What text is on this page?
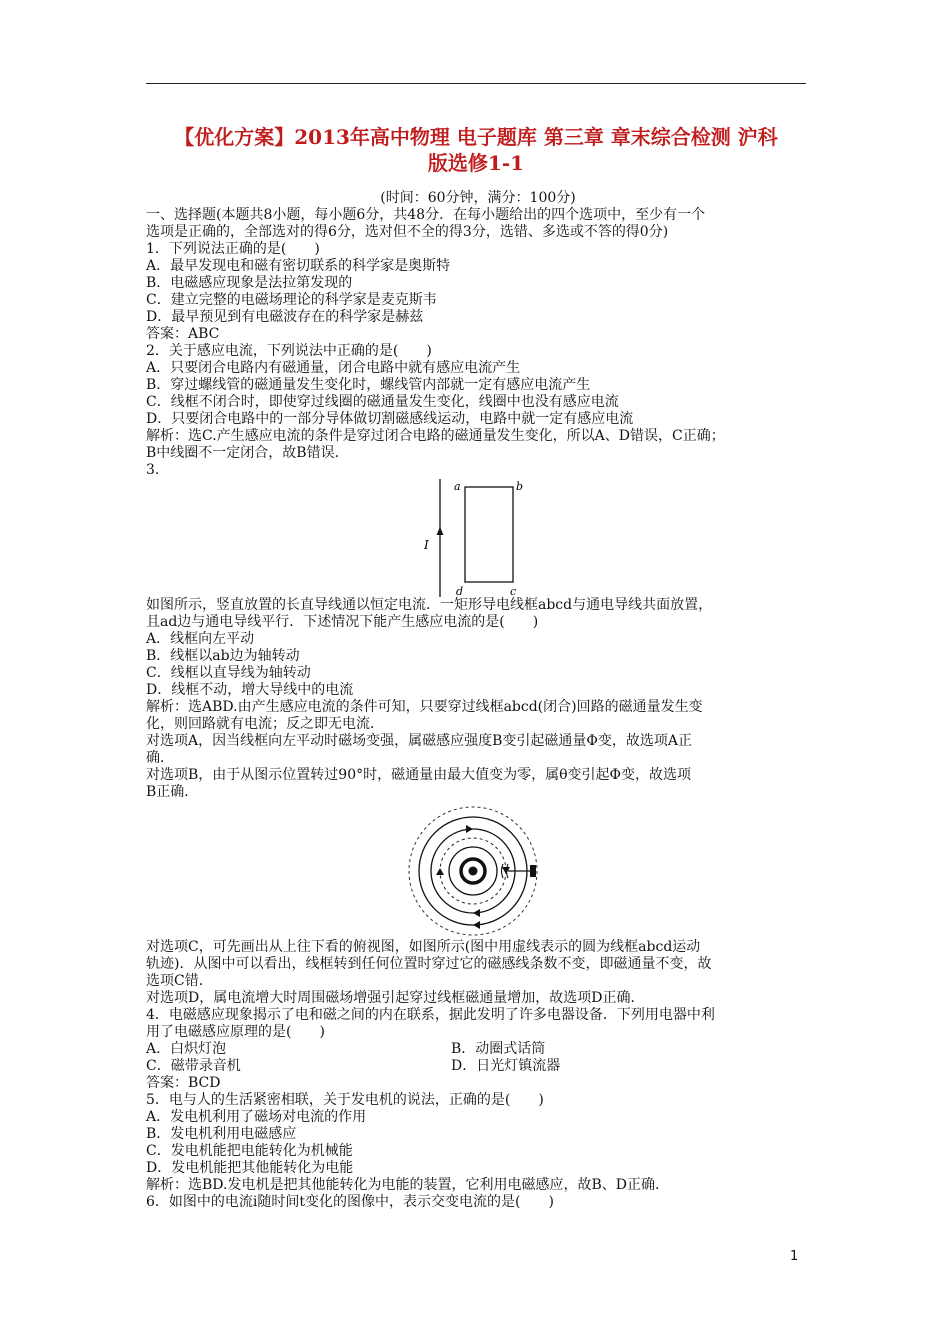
【优化方案】2013年高中物理 电子题库 第三章 章末综合检测 沪科
版选修1-1
(时间：60分钟，满分：100分)
一、选择题(本题共8小题，每小题6分，共48分．在每小题给出的四个选项中，至少有一个
选项是正确的，全部选对的得6分，选对但不全的得3分，选错、多选或不答的得0分)
1．下列说法正确的是(　　)
A．最早发现电和磁有密切联系的科学家是奥斯特
B．电磁感应现象是法拉第发现的
C．建立完整的电磁场理论的科学家是麦克斯韦
D．最早预见到有电磁波存在的科学家是赫兹
答案：ABC
2．关于感应电流，下列说法中正确的是(　　)
A．只要闭合电路内有磁通量，闭合电路中就有感应电流产生
B．穿过螺线管的磁通量发生变化时，螺线管内部就一定有感应电流产生
C．线框不闭合时，即使穿过线圈的磁通量发生变化，线圈中也没有感应电流
D．只要闭合电路中的一部分导体做切割磁感线运动，电路中就一定有感应电流
解析：选C.产生感应电流的条件是穿过闭合电路的磁通量发生变化，所以A、D错误，C正确；
B中线圈不一定闭合，故B错误．
3.
I
a	b
c
d
如图所示，竖直放置的长直导线通以恒定电流．一矩形导电线框abcd与通电导线共面放置，
且ad边与通电导线平行．下述情况下能产生感应电流的是(　　)
A．线框向左平动
B．线框以ab边为轴转动
C．线框以直导线为轴转动
D．线框不动，增大导线中的电流
解析：选ABD.由产生感应电流的条件可知，只要穿过线框abcd(闭合)回路的磁通量发生变
化，则回路就有电流；反之即无电流．
对选项A，因当线框向左平动时磁场变强，属磁感应强度B变引起磁通量Φ变，故选项A正
确．
对选项B，由于从图示位置转过90°时，磁通量由最大值变为零，属θ变引起Φ变，故选项
B正确．
对选项C，可先画出从上往下看的俯视图，如图所示(图中用虚线表示的圆为线框abcd运动
轨迹)．从图中可以看出，线框转到任何位置时穿过它的磁感线条数不变，即磁通量不变，故
选项C错．
对选项D，属电流增大时周围磁场增强引起穿过线框磁通量增加，故选项D正确．
4．电磁感应现象揭示了电和磁之间的内在联系，据此发明了许多电器设备．下列用电器中利
用了电磁感应原理的是(　　)
A．白炽灯泡	B．动圈式话筒
C．磁带录音机	D．日光灯镇流器
答案：BCD
5．电与人的生活紧密相联，关于发电机的说法，正确的是(　　)
A．发电机利用了磁场对电流的作用
B．发电机利用电磁感应
C．发电机能把电能转化为机械能
D．发电机能把其他能转化为电能
解析：选BD.发电机是把其他能转化为电能的装置，它利用电磁感应，故B、D正确．
6．如图中的电流i随时间t变化的图像中，表示交变电流的是(　　)
1
